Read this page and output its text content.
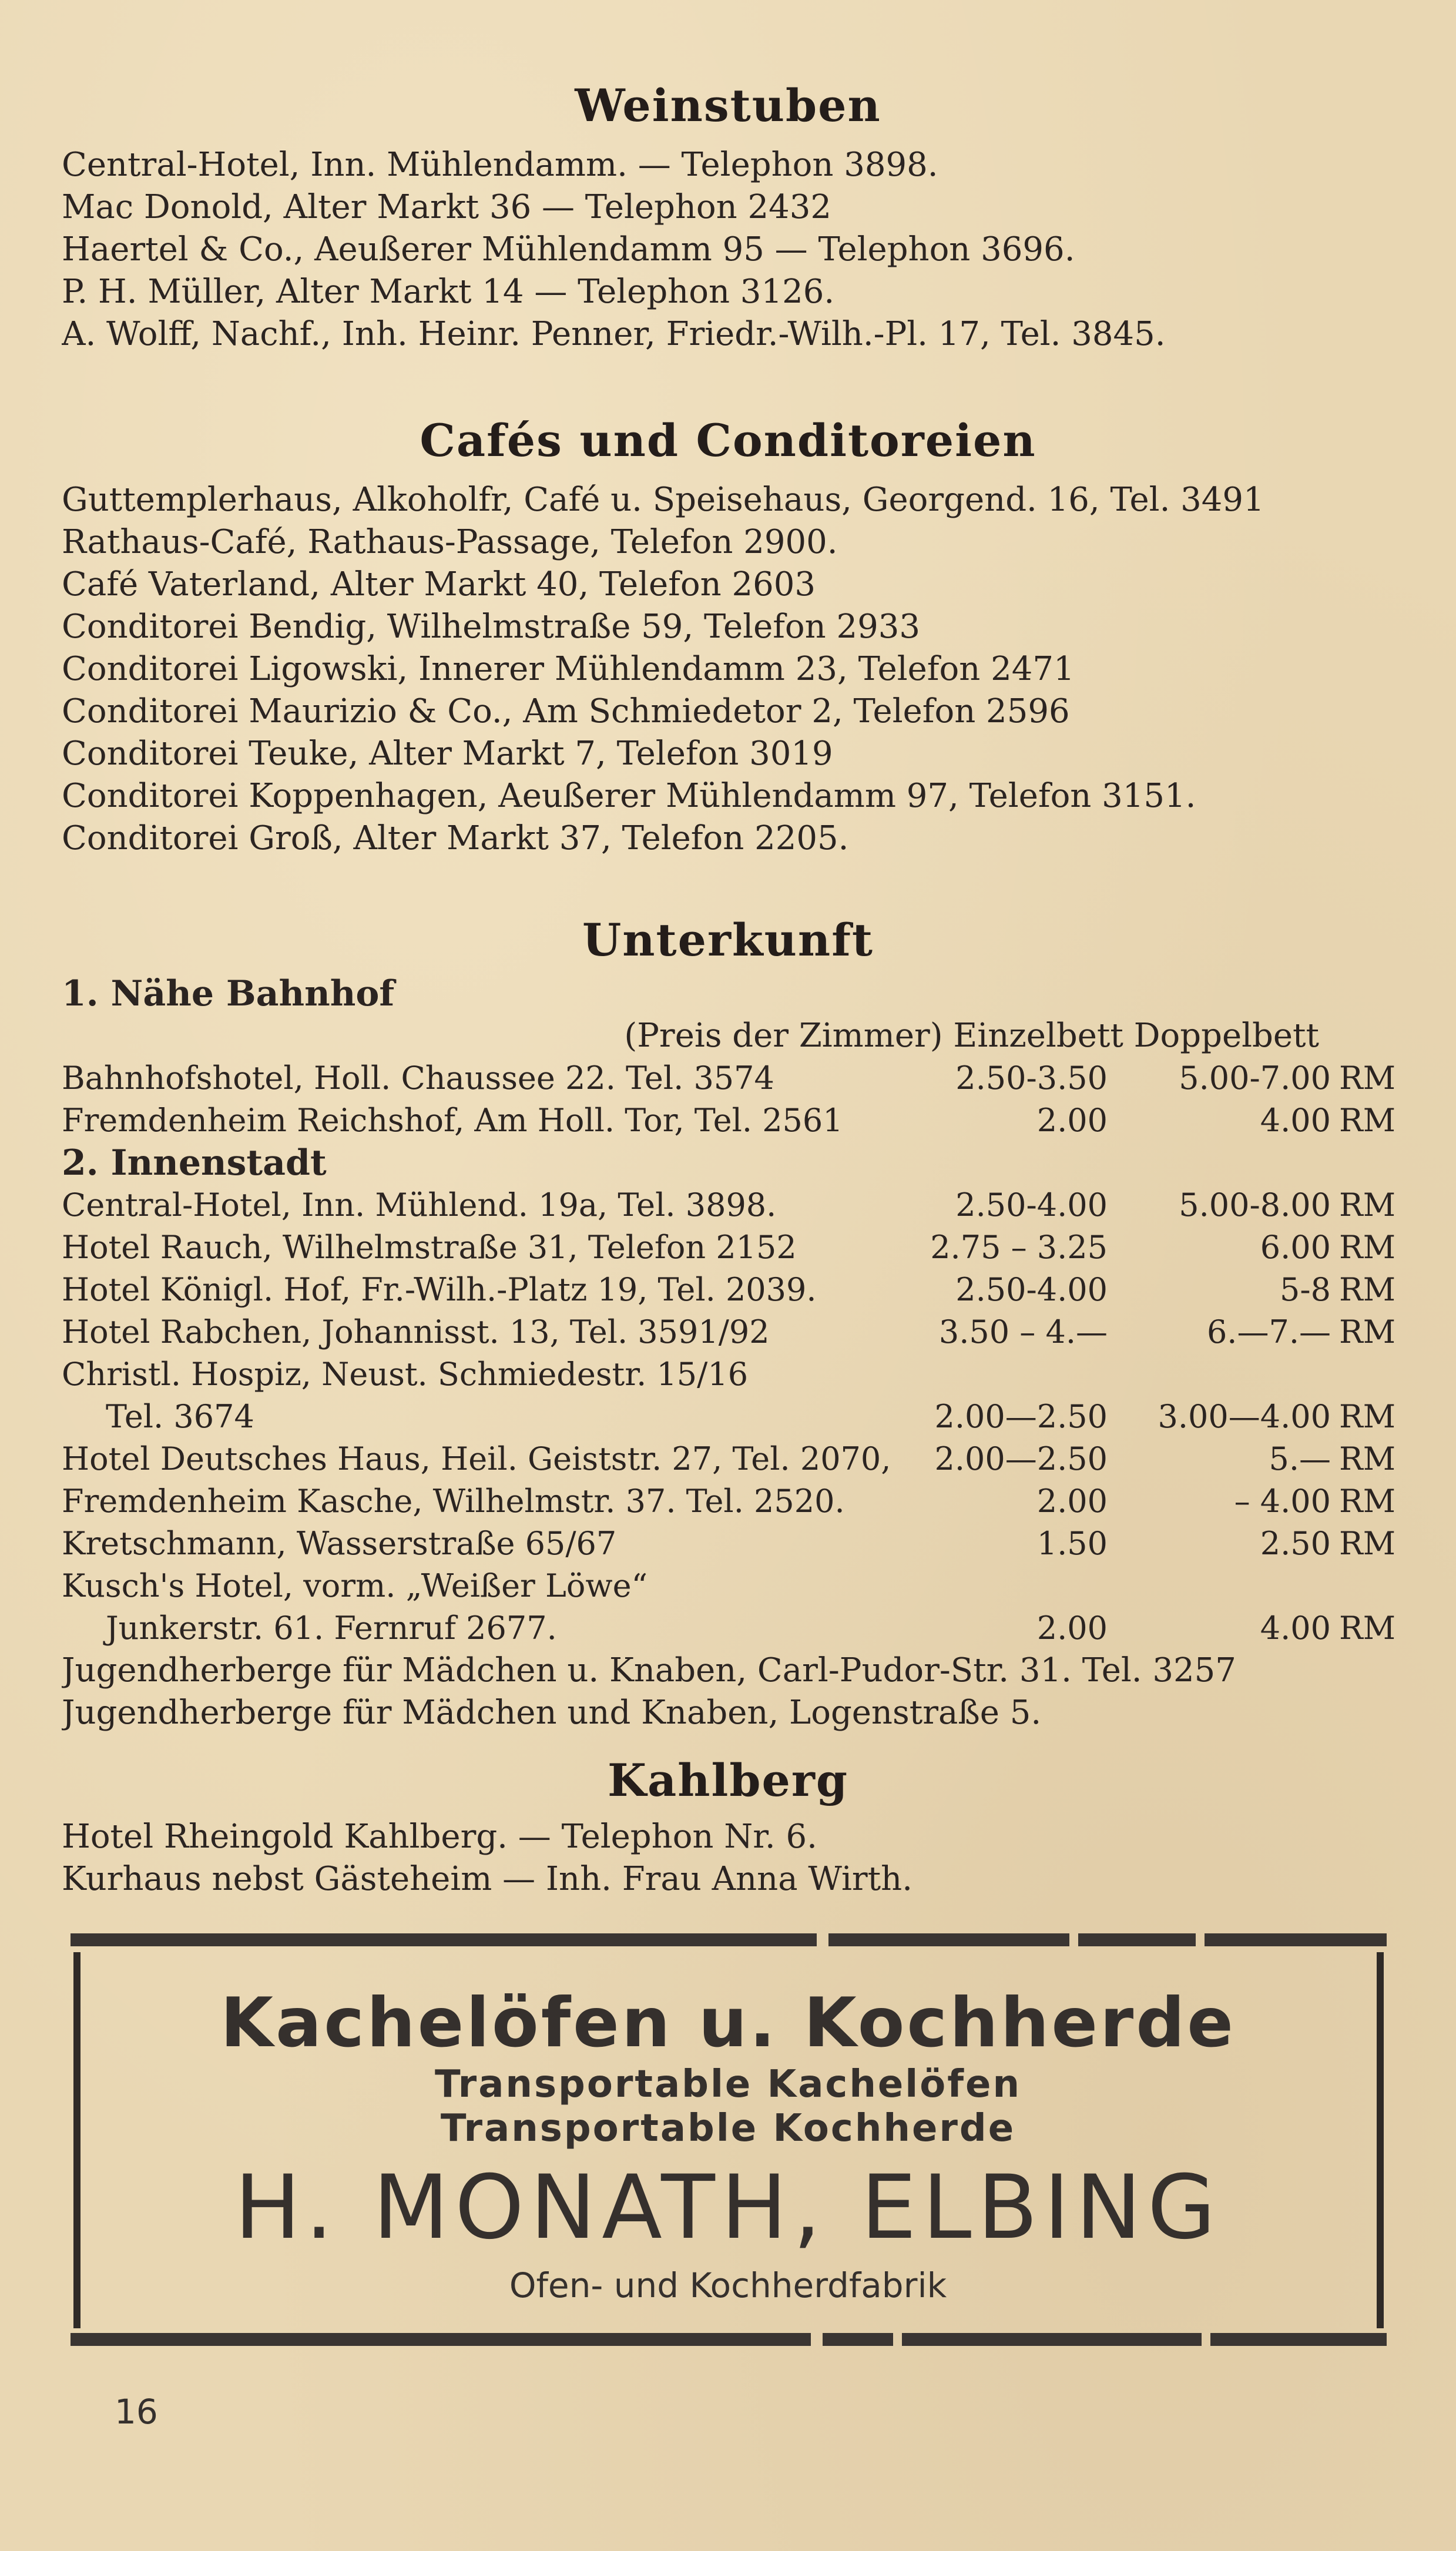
Weinstuben
Central-Hotel, Inn. Mühlendamm. — Telephon 3898.
Mac Donold, Alter Markt 36 — Telephon 2432
Haertel & Co., Aeußerer Mühlendamm 95 — Telephon 3696.
P. H. Müller, Alter Markt 14 — Telephon 3126.
A. Wolff, Nachf., Inh. Heinr. Penner, Friedr.-Wilh.-Pl. 17, Tel. 3845.
Cafés und Conditoreien
Guttemplerhaus, Alkoholfr, Café u. Speisehaus, Georgend. 16, Tel. 3491
Rathaus-Café, Rathaus-Passage, Telefon 2900.
Café Vaterland, Alter Markt 40, Telefon 2603
Conditorei Bendig, Wilhelmstraße 59, Telefon 2933
Conditorei Ligowski, Innerer Mühlendamm 23, Telefon 2471
Conditorei Maurizio & Co., Am Schmiedetor 2, Telefon 2596
Conditorei Teuke, Alter Markt 7, Telefon 3019
Conditorei Koppenhagen, Aeußerer Mühlendamm 97, Telefon 3151.
Conditorei Groß, Alter Markt 37, Telefon 2205.
Unterkunft
1. Nähe Bahnhof
(Preis der Zimmer) Einzelbett Doppelbett
Bahnhofshotel, Holl. Chaussee 22. Tel. 3574	2.50-3.50 5.00-7.00 RM
Fremdenheim Reichshof, Am Holl. Tor, Tel. 2561	2.00	4.00 RM
2. Innenstadt
Central-Hotel, Inn. Mühlend. 19a, Tel. 3898.	2.50-4.00 5.00-8.00 RM
Hotel Rauch, Wilhelmstraße 31, Telefon 2152	2.75 – 3.25	6.00 RM
Hotel Königl. Hof, Fr.-Wilh.-Platz 19, Tel. 2039.	2.50-4.00	5-8 RM
Hotel Rabchen, Johannisst. 13, Tel. 3591/92	3.50 – 4.—	6.—7.— RM
Christl. Hospiz, Neust. Schmiedestr. 15/16
Tel. 3674	2.00—2.50 3.00—4.00 RM
Hotel Deutsches Haus, Heil. Geiststr. 27, Tel. 2070, 2.00—2.50	5.— RM
Fremdenheim Kasche, Wilhelmstr. 37. Tel. 2520.	2.00	– 4.00 RM
Kretschmann, Wasserstraße 65/67	1.50	2.50 RM
Kusch's Hotel, vorm. „Weißer Löwe“
Junkerstr. 61. Fernruf 2677.	2.00	4.00 RM
Jugendherberge für Mädchen u. Knaben, Carl-Pudor-Str. 31. Tel. 3257
Jugendherberge für Mädchen und Knaben, Logenstraße 5.
Kahlberg
Hotel Rheingold Kahlberg. — Telephon Nr. 6.
Kurhaus nebst Gästeheim — Inh. Frau Anna Wirth.
Kachelöfen u. Kochherde
Transportable Kachelöfen
Transportable Kochherde
H. MONATH, ELBING
Ofen- und Kochherdfabrik
16
